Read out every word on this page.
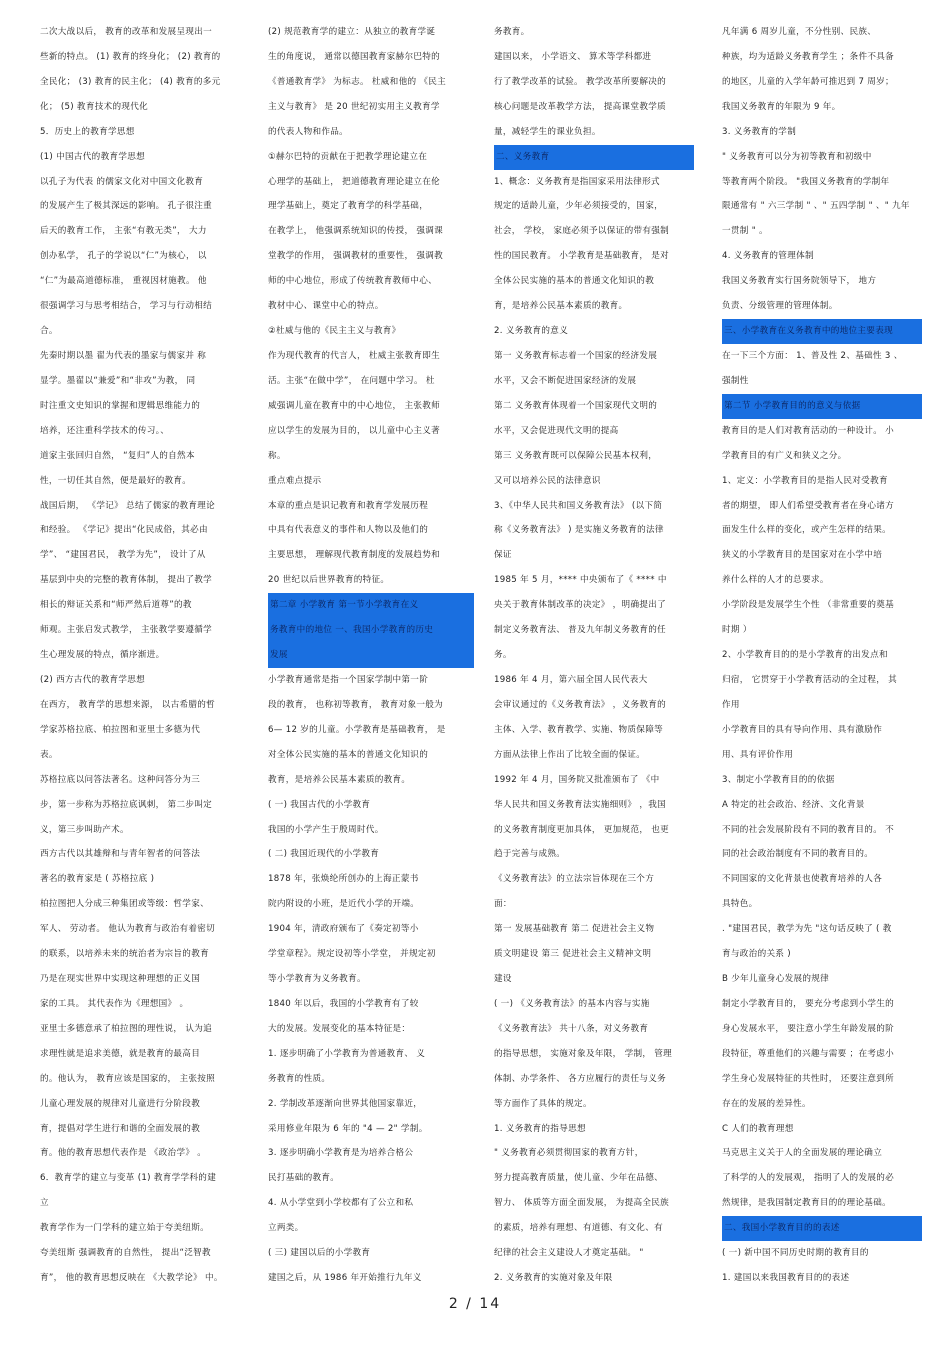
二次大战以后， 教育的改革和发展呈现出一
些新的特点。 (1) 教育的终身化； (2) 教育的
全民化； (3) 教育的民主化； (4) 教育的多元
化； (5) 教育技术的现代化
5．历史上的教育学思想
(1) 中国古代的教育学思想
以孔子为代表 的儒家文化对中国文化教育
的发展产生了极其深远的影响。 孔子很注重
后天的教育工作， 主张“有教无类”， 大力
创办私学， 孔子的学说以“仁”为核心， 以
“仁”为最高道德标准， 重视因材施教。 他
很强调学习与思考相结合， 学习与行动相结
合。
先秦时期以墨 翟为代表的墨家与儒家并 称
显学。墨翟以“兼爱”和“非攻”为教， 同
时注重文史知识的掌握和逻辑思维能力的
培养，还注重科学技术的传习。、
道家主张回归自然， “复归”人的自然本
性，一切任其自然，便是最好的教育。
战国后期， 《学记》 总结了儒家的教育理论
和经验。 《学记》提出“化民成俗，其必由
学”、 “建国君民， 教学为先”， 设计了从
基层到中央的完整的教育体制， 提出了教学
相长的辩证关系和“师严然后道尊”的教
师观。主张启发式教学， 主张教学要遵循学
生心理发展的特点，循序渐进。
(2) 西方古代的教育学思想
在西方， 教育学的思想来源， 以古希腊的哲
学家苏格拉底、柏拉图和亚里士多德为代
表。
苏格拉底以问答法著名。这种问答分为三
步，第一步称为苏格拉底讽刺， 第二步叫定
义，第三步叫助产术。
西方古代以其雄辩和与青年智者的问答法
著名的教育家是 ( 苏格拉底 )
柏拉图把人分成三种集团或等级：哲学家、
军人、 劳动者。 他认为教育与政治有着密切
的联系，以培养未来的统治者为宗旨的教育
乃是在现实世界中实现这种理想的正义国
家的工具。 其代表作为《理想国》 。
亚里士多德意承了柏拉图的理性说， 认为追
求理性就是追求美德，就是教育的最高目
的。他认为， 教育应该是国家的， 主张按照
儿童心理发展的规律对儿童进行分阶段教
育，提倡对学生进行和谐的全面发展的教
育。他的教育思想代表作是 《政治学》 。
6．教育学的建立与变革 (1) 教育学学科的建
立
教育学作为一门学科的建立始于夸美纽斯。
夸美纽斯 强调教育的自然性， 提出“泛智教
育”， 他的教育思想反映在 《大教学论》 中。
(2) 规范教育学的建立：从独立的教育学诞
生的角度说， 通常以德国教育家赫尔巴特的
《普通教育学》 为标志。 杜威和他的 《民主
主义与教育》 是 20 世纪初实用主义教育学
的代表人物和作品。
①赫尔巴特的贡献在于把教学理论建立在
心理学的基础上， 把道德教育理论建立在伦
理学基础上，奠定了教育学的科学基础，
在教学上， 他强调系统知识的传授， 强调课
堂教学的作用， 强调教材的重要性， 强调教
师的中心地位，形成了传统教育教师中心、
教材中心、课堂中心的特点。
②杜威与他的《民主主义与教育》
作为现代教育的代言人， 杜威主张教育即生
活。主张“在做中学”， 在问题中学习。 杜
威强调儿童在教育中的中心地位， 主张教师
应以学生的发展为目的， 以儿童中心主义著
称。
重点难点提示
本章的重点是识记教育和教育学发展历程
中具有代表意义的事件和人物以及他们的
主要思想， 理解现代教育制度的发展趋势和
20 世纪以后世界教育的特征。
第二章 小学教育 第一节小学教育在义
务教育中的地位 一、我国小学教育的历史
发展
小学教育通常是指一个国家学制中第一阶
段的教育， 也称初等教育， 教育对象一般为
6— 12 岁的儿童。小学教育是基础教育， 是
对全体公民实施的基本的普通文化知识的
教育，是培养公民基本素质的教育。
( 一) 我国古代的小学教育
我国的小学产生于殷周时代。
( 二) 我国近现代的小学教育
1878 年，张焕纶所创办的上海正蒙书
院内附设的小班，是近代小学的开端。
1904 年，清政府颁布了《奏定初等小
学堂章程》。规定设初等小学堂， 并规定初
等小学教育为义务教育。
1840 年以后，我国的小学教育有了较
大的发展。发展变化的基本特征是：
1. 逐步明确了小学教育为普通教育、 义
务教育的性质。
2. 学制改革逐渐向世界其他国家靠近，
采用修业年限为 6 年的 "4 — 2" 学制。
3. 逐步明确小学教育是为培养合格公
民打基础的教育。
4. 从小学堂到小学校都有了公立和私
立两类。
( 三) 建国以后的小学教育
建国之后，从 1986 年开始推行九年义
务教育。
建国以来， 小学语文、 算术等学科都进
行了教学改革的试验。 教学改革所要解决的
核心问题是改革教学方法， 提高课堂教学质
量，减轻学生的课业负担。
二、义务教育
1、概念：义务教育是指国家采用法律形式
规定的适龄儿童，少年必须接受的，国家，
社会， 学校， 家庭必须予以保证的带有强制
性的国民教育。 小学教育是基础教育， 是对
全体公民实施的基本的普通文化知识的教
育，是培养公民基本素质的教育。
2. 义务教育的意义
第一 义务教育标志着一个国家的经济发展
水平，又会不断促进国家经济的发展
第二 义务教育体现着一个国家现代文明的
水平，又会促进现代文明的提高
第三 义务教育既可以保障公民基本权利，
又可以培养公民的法律意识
3、《中华人民共和国义务教育法》 (以下简
称《义务教育法》 ) 是实施义务教育的法律
保证
1985 年 5 月，**** 中央颁布了《 **** 中
央关于教育体制改革的决定》 ，明确提出了
制定义务教育法、 普及九年制义务教育的任
务。
1986 年 4 月，第六届全国人民代表大
会审议通过的《义务教育法》 ，义务教育的
主体、入学、教育教学、实施、物质保障等
方面从法律上作出了比较全面的保证。
1992 年 4 月，国务院又批准颁布了 《中
华人民共和国义务教育法实施细则》 ，我国
的义务教育制度更加具体， 更加规范， 也更
趋于完善与成熟。
《义务教育法》的立法宗旨体现在三个方
面：
第一 发展基础教育 第二 促进社会主义物
质文明建设 第三 促进社会主义精神文明
建设
( 一) 《义务教育法》的基本内容与实施
《义务教育法》 共十八条，对义务教育
的指导思想， 实施对象及年限， 学制， 管理
体制、办学条件、 各方应履行的责任与义务
等方面作了具体的规定。
1. 义务教育的指导思想
" 义务教育必须贯彻国家的教育方针，
努力提高教育质量，使儿童、少年在品德、
智力、 体质等方面全面发展， 为提高全民族
的素质，培养有理想、有道德、有文化、有
纪律的社会主义建设人才奠定基础。 "
2. 义务教育的实施对象及年限
凡年满 6 周岁儿童，不分性别、民族、
种族，均为适龄义务教育学生 ；条件不具备
的地区，儿童的入学年龄可推迟到 7 周岁；
我国义务教育的年限为 9 年。
3. 义务教育的学制
" 义务教育可以分为初等教育和初级中
等教育两个阶段。 "我国义务教育的学制年
限通常有 " 六三学制 " 、" 五四学制 " 、" 九年
一贯制 " 。
4. 义务教育的管理体制
我国义务教育实行国务院领导下， 地方
负责、分级管理的管理体制。
三、小学教育在义务教育中的地位主要表现
在一下三个方面： 1、普及性 2、基础性 3 、
强制性
第二节 小学教育目的的意义与依据
教育目的是人们对教育活动的一种设计。 小
学教育目的有广义和狭义之分。
1、定义：小学教育目的是指人民对受教育
者的期望， 即人们希望受教育者在身心诸方
面发生什么样的变化，或产生怎样的结果。
狭义的小学教育目的是国家对在小学中培
养什么样的人才的总要求。
小学阶段是发展学生个性 （非常重要的奠基
时期 ）
2、小学教育目的的是小学教育的出发点和
归宿， 它贯穿于小学教育活动的全过程， 其
作用
小学教育目的具有导向作用、具有激励作
用、具有评价作用
3、制定小学教育目的的依据
A 特定的社会政治、经济、文化背景
不同的社会发展阶段有不同的教育目的。 不
同的社会政治制度有不同的教育目的。
不同国家的文化背景也使教育培养的人各
具特色。
. "建国君民，教学为先 "这句话反映了 ( 教
育与政治的关系 )
B 少年儿童身心发展的规律
制定小学教育目的， 要充分考虑到小学生的
身心发展水平， 要注意小学生年龄发展的阶
段特征，尊重他们的兴趣与需要 ；在考虑小
学生身心发展特征的共性时， 还要注意到所
存在的发展的差异性。
C 人们的教育理想
马克思主义关于人的全面发展的理论确立
了科学的人的发展观， 指明了人的发展的必
然规律，是我国制定教育目的的理论基础。
二、我国小学教育目的的表述
( 一) 新中国不同历史时期的教育目的
1. 建国以来我国教育目的的表述
2 / 14
